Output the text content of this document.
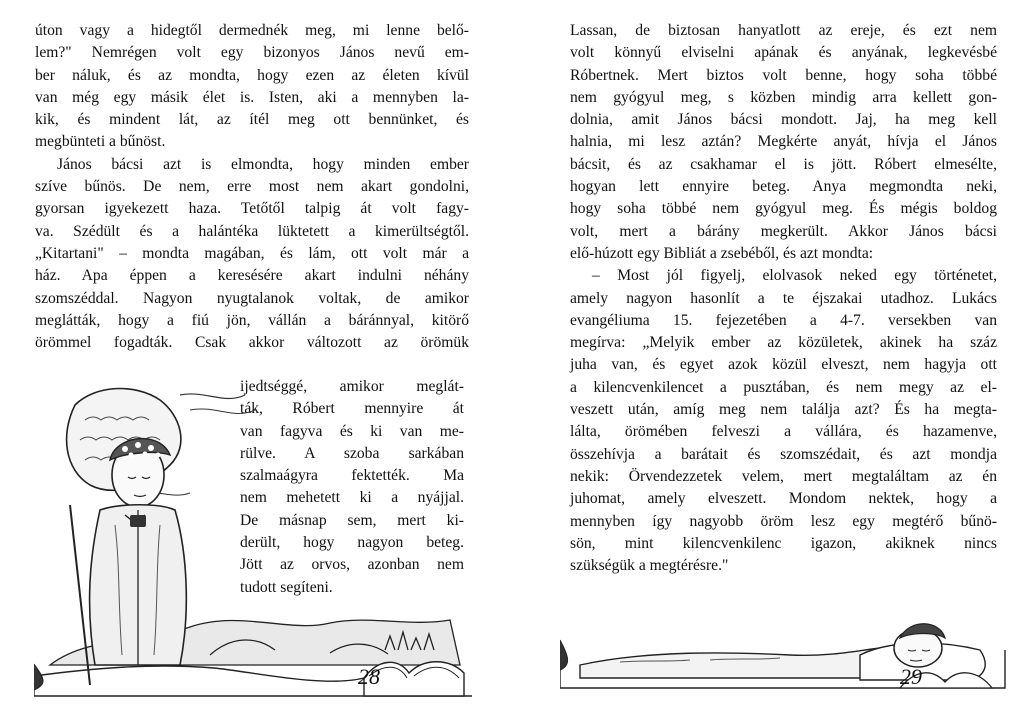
úton vagy a hidegtől dermednék meg, mi lenne belő-
lem?" Nemrégen volt egy bizonyos János nevű em-
ber náluk, és az mondta, hogy ezen az életen kívül
van még egy másik élet is. Isten, aki a mennyben la-
kik, és mindent lát, az ítél meg ott bennünket, és
megbünteti a bűnöst.
János bácsi azt is elmondta, hogy minden ember
szíve bűnös. De nem, erre most nem akart gondolni,
gyorsan igyekezett haza. Tetőtől talpig át volt fagy-
va. Szédült és a halántéka lüktetett a kimerültségtől.
„Kitartani" – mondta magában, és lám, ott volt már a
ház. Apa éppen a keresésére akart indulni néhány
szomszéddal. Nagyon nyugtalanok voltak, de amikor
meglátták, hogy a fiú jön, vállán a báránnyal, kitörő
örömmel fogadták. Csak akkor változott az örömük
ijedtséggé, amikor meglát-
ták, Róbert mennyire át
van fagyva és ki van me-
rülve. A szoba sarkában
szalmaágyra fektették. Ma
nem mehetett ki a nyájjal.
De másnap sem, mert ki-
derült, hogy nagyon beteg.
Jött az orvos, azonban nem
tudott segíteni.
28
Lassan, de biztosan hanyatlott az ereje, és ezt nem
volt könnyű elviselni apának és anyának, legkevésbé
Róbertnek. Mert biztos volt benne, hogy soha többé
nem gyógyul meg, s közben mindig arra kellett gon-
dolnia, amit János bácsi mondott. Jaj, ha meg kell
halnia, mi lesz aztán? Megkérte anyát, hívja el János
bácsit, és az csakhamar el is jött. Róbert elmesélte,
hogyan lett ennyire beteg. Anya megmondta neki,
hogy soha többé nem gyógyul meg. És mégis boldog
volt, mert a bárány megkerült. Akkor János bácsi
elő-húzott egy Bibliát a zsebéből, és azt mondta:
– Most jól figyelj, elolvasok neked egy történetet,
amely nagyon hasonlít a te éjszakai utadhoz. Lukács
evangéliuma 15. fejezetében a 4-7. versekben van
megírva: „Melyik ember az közületek, akinek ha száz
juha van, és egyet azok közül elveszt, nem hagyja ott
a kilencvenkilencet a pusztában, és nem megy az el-
veszett után, amíg meg nem találja azt? És ha megta-
lálta, örömében felveszi a vállára, és hazamenve,
összehívja a barátait és szomszédait, és azt mondja
nekik: Örvendezzetek velem, mert megtaláltam az én
juhomat, amely elveszett. Mondom nektek, hogy a
mennyben így nagyobb öröm lesz egy megtérő bűnö-
sön, mint kilencvenkilenc igazon, akiknek nincs
szükségük a megtérésre."
29
